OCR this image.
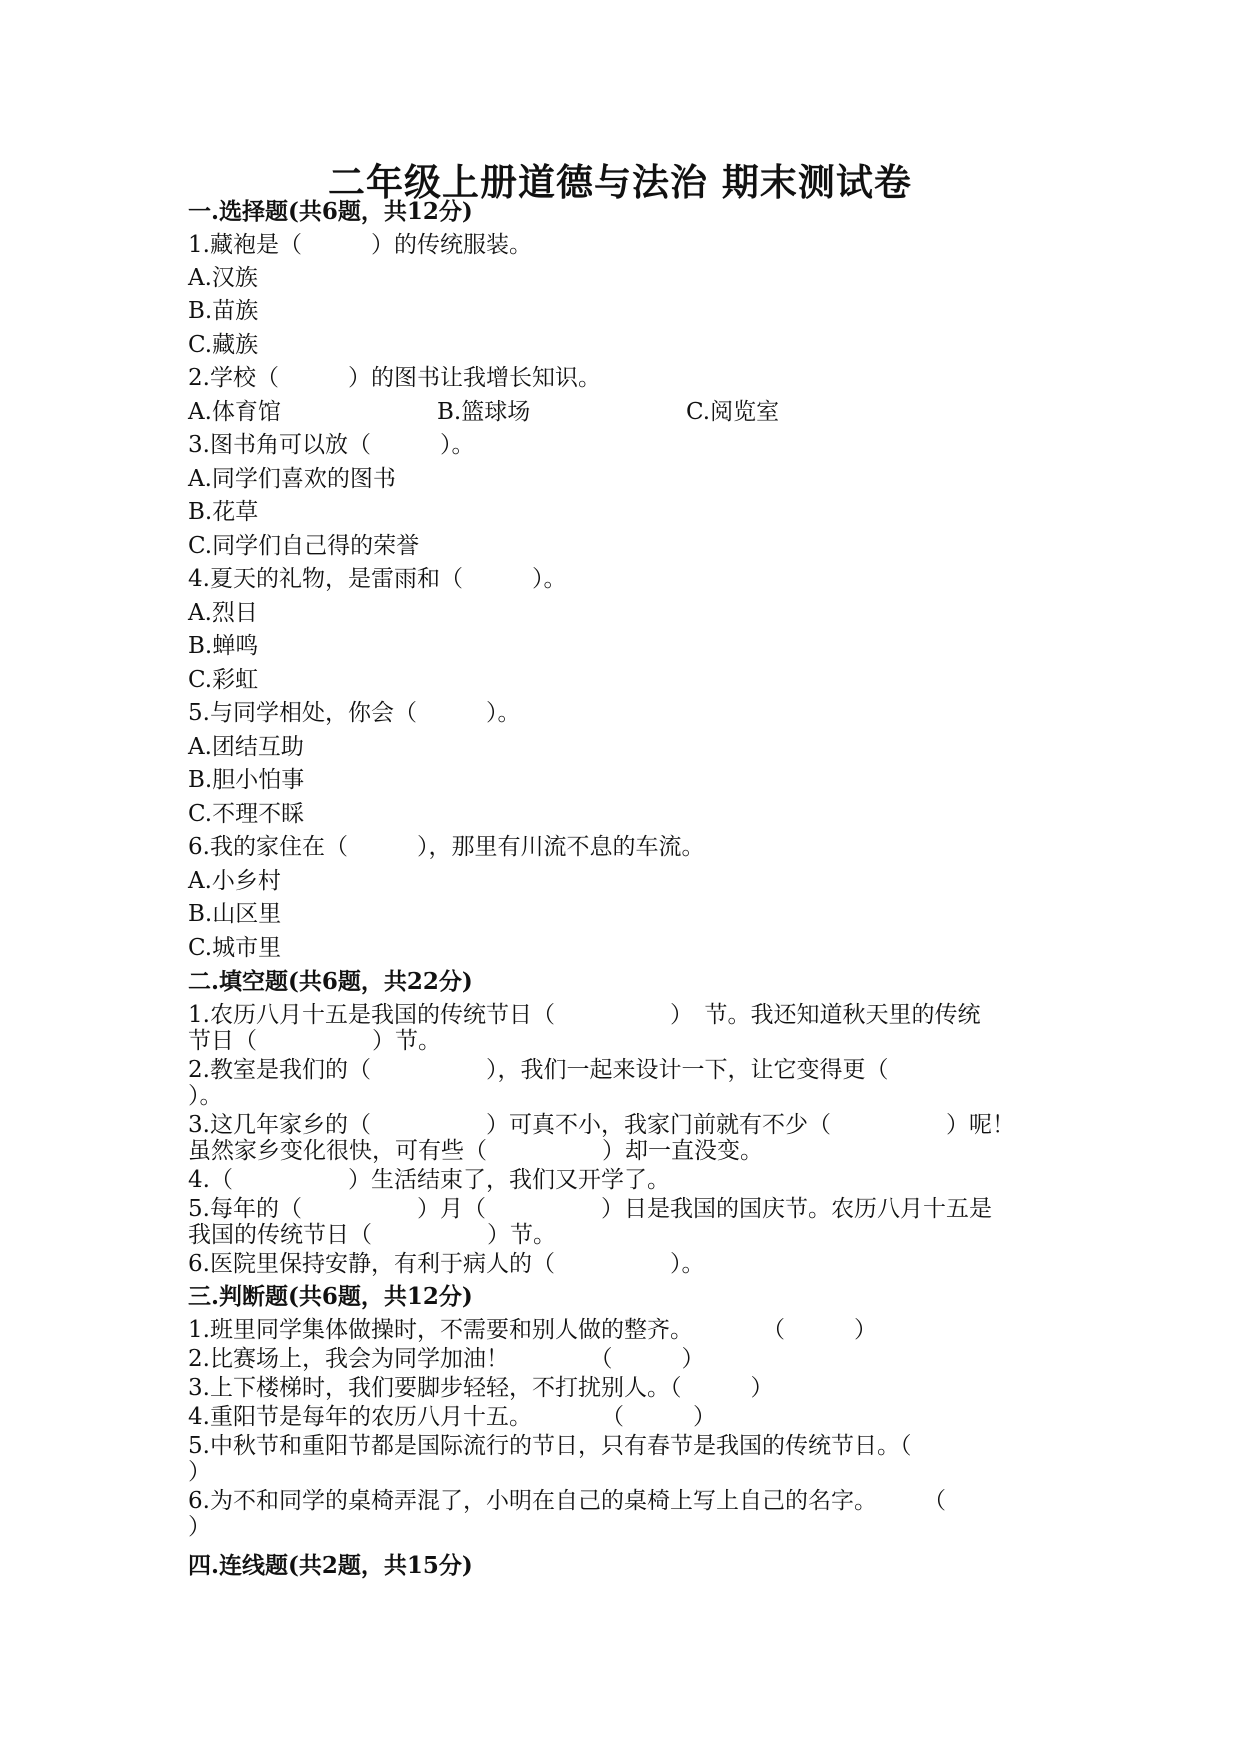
二年级上册道德与法治 期末测试卷
一.选择题(共6题，共12分)
1.藏袍是（　　　）的传统服装。
A.汉族
B.苗族
C.藏族
2.学校（　　　）的图书让我增长知识。
A.体育馆	B.篮球场	C.阅览室
3.图书角可以放（　　　）。
A.同学们喜欢的图书
B.花草
C.同学们自己得的荣誉
4.夏天的礼物，是雷雨和（　　　）。
A.烈日
B.蝉鸣
C.彩虹
5.与同学相处，你会（　　　）。
A.团结互助
B.胆小怕事
C.不理不睬
6.我的家住在（　　　），那里有川流不息的车流。
A.小乡村
B.山区里
C.城市里
二.填空题(共6题，共22分)
1.农历八月十五是我国的传统节日（　　　　　）　节。我还知道秋天里的传统
节日（　　　　　）节。
2.教室是我们的（　　　　　），我们一起来设计一下，让它变得更（
）。
3.这几年家乡的（　　　　　）可真不小，我家门前就有不少（　　　　　）呢！
虽然家乡变化很快，可有些（　　　　　）却一直没变。
4.（　　　　　）生活结束了，我们又开学了。
5.每年的（　　　　　）月（　　　　　）日是我国的国庆节。农历八月十五是
我国的传统节日（　　　　　）节。
6.医院里保持安静，有利于病人的（　　　　　）。
三.判断题(共6题，共12分)
1.班里同学集体做操时，不需要和别人做的整齐。　　　　（　　　）
2.比赛场上，我会为同学加油！　　　　（　　　）
3.上下楼梯时，我们要脚步轻轻，不打扰别人。（　　　）
4.重阳节是每年的农历八月十五。　　　　（　　　）
5.中秋节和重阳节都是国际流行的节日，只有春节是我国的传统节日。（
）
6.为不和同学的桌椅弄混了，小明在自己的桌椅上写上自己的名字。　　　（
）
四.连线题(共2题，共15分)
